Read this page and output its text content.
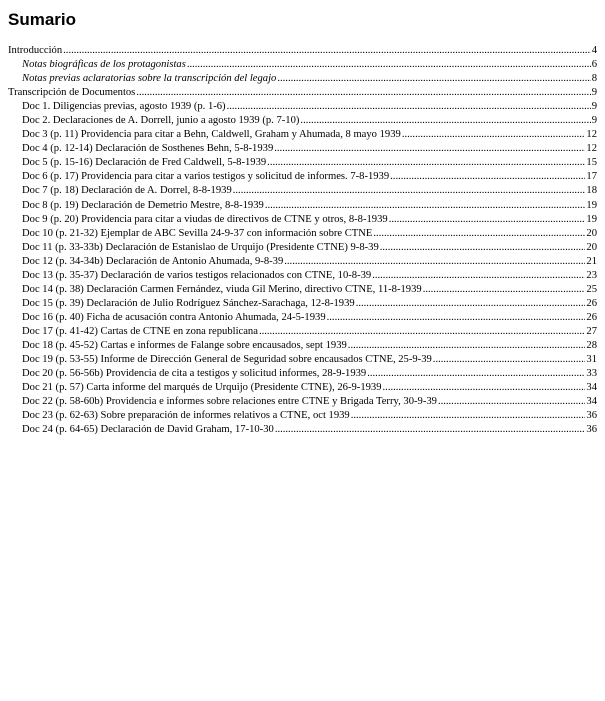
Sumario
Introducción .....	4
Notas biográficas de los protagonistas .....	6
Notas previas aclaratorias sobre la transcripción del legajo .....	8
Transcripción de Documentos .....	9
Doc 1. Diligencias previas, agosto 1939 (p. 1-6) .....	9
Doc 2. Declaraciones de A. Dorrell, junio a agosto 1939 (p. 7-10) .....	9
Doc 3 (p. 11) Providencia para citar a Behn, Caldwell, Graham y Ahumada, 8 mayo 1939 .....	12
Doc 4 (p. 12-14) Declaración de Sosthenes Behn, 5-8-1939 .....	12
Doc 5 (p. 15-16) Declaración de Fred Caldwell, 5-8-1939 .....	15
Doc 6 (p. 17) Providencia para citar a varios testigos y solicitud de informes. 7-8-1939 .....	17
Doc 7 (p. 18) Declaración de A. Dorrel, 8-8-1939 .....	18
Doc 8 (p. 19) Declaración de Demetrio Mestre, 8-8-1939 .....	19
Doc 9 (p. 20) Providencia para citar a viudas de directivos de CTNE y otros, 8-8-1939 .....	19
Doc 10 (p. 21-32) Ejemplar de ABC Sevilla 24-9-37 con información sobre CTNE .....	20
Doc 11 (p. 33-33b) Declaración de Estanislao de Urquijo (Presidente CTNE) 9-8-39 .....	20
Doc 12 (p. 34-34b) Declaración de Antonio Ahumada, 9-8-39 .....	21
Doc 13 (p. 35-37) Declaración de varios testigos relacionados con CTNE, 10-8-39 .....	23
Doc 14 (p. 38) Declaración Carmen Fernández, viuda Gil Merino, directivo CTNE, 11-8-1939 .....	25
Doc 15 (p. 39) Declaración de Julio Rodríguez Sánchez-Sarachaga, 12-8-1939 .....	26
Doc 16 (p. 40) Ficha de acusación contra Antonio Ahumada, 24-5-1939 .....	26
Doc 17 (p. 41-42) Cartas de CTNE en zona republicana .....	27
Doc 18 (p. 45-52) Cartas e informes de Falange sobre encausados, sept 1939 .....	28
Doc 19 (p. 53-55) Informe de Dirección General de Seguridad sobre encausados CTNE, 25-9-39 .....	31
Doc 20 (p. 56-56b) Providencia de cita a testigos y solicitud informes, 28-9-1939 .....	33
Doc 21 (p. 57) Carta informe del marqués de Urquijo (Presidente CTNE), 26-9-1939 .....	34
Doc 22 (p. 58-60b) Providencia e informes sobre relaciones entre CTNE y Brigada Terry, 30-9-39 .....	34
Doc 23 (p. 62-63) Sobre preparación de informes relativos a CTNE, oct 1939 .....	36
Doc 24 (p. 64-65) Declaración de David Graham, 17-10-30 .....	36
